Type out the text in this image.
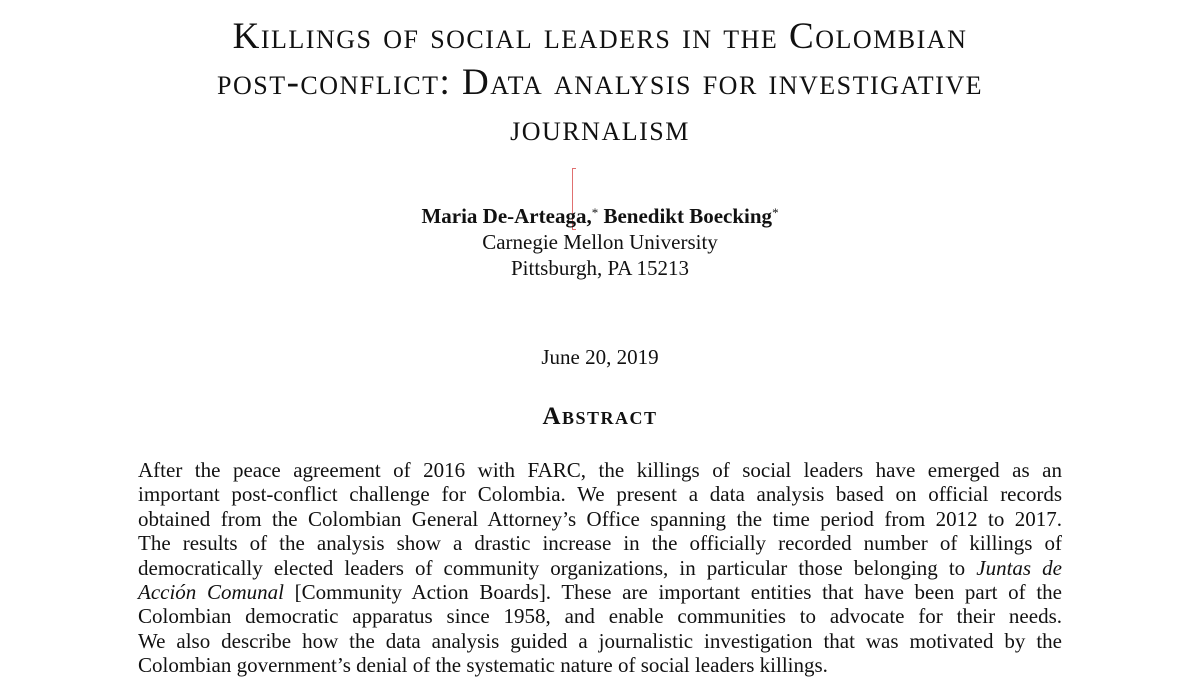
Killings of social leaders in the Colombian
post-conflict: Data analysis for investigative
journalism
Maria De-Arteaga,* Benedikt Boecking*
Carnegie Mellon University
Pittsburgh, PA 15213
June 20, 2019
Abstract

After the peace agreement of 2016 with FARC, the killings of social leaders have emerged as an
important post-conflict challenge for Colombia. We present a data analysis based on official records
obtained from the Colombian General Attorney’s Office spanning the time period from 2012 to 2017.
The results of the analysis show a drastic increase in the officially recorded number of killings of
democratically elected leaders of community organizations, in particular those belonging to Juntas de
Acción Comunal [Community Action Boards]. These are important entities that have been part of the
Colombian democratic apparatus since 1958, and enable communities to advocate for their needs.
We also describe how the data analysis guided a journalistic investigation that was motivated by the
Colombian government’s denial of the systematic nature of social leaders killings.
